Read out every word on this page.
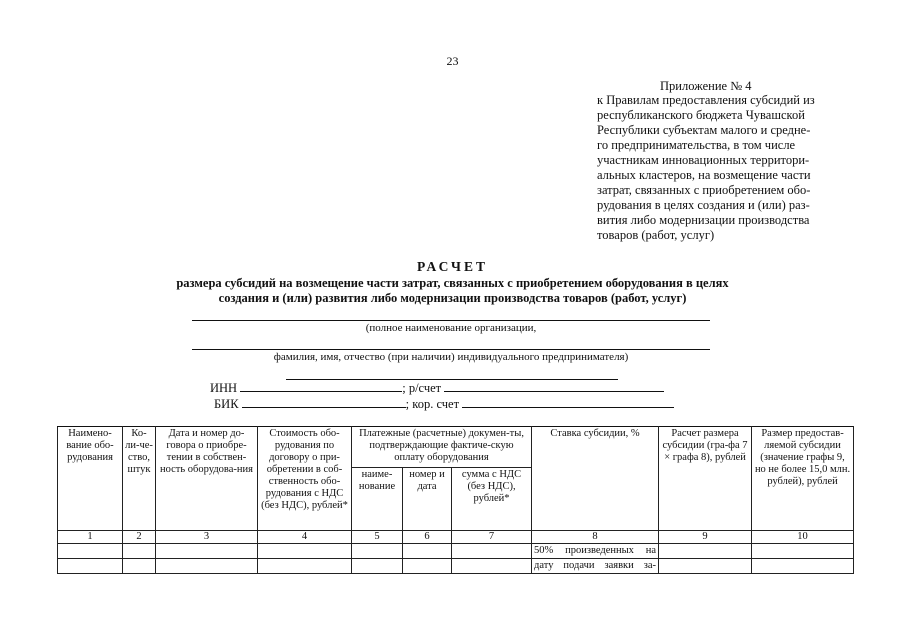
23
Приложение № 4
к Правилам предоставления субсидий из
республиканского бюджета Чувашской
Республики субъектам малого и средне-
го предпринимательства, в том числе
участникам инновационных территори-
альных кластеров, на возмещение части
затрат, связанных с приобретением обо-
рудования в целях создания и (или) раз-
вития либо модернизации производства
товаров (работ, услуг)
РАСЧЕТ
размера субсидий на возмещение части затрат, связанных с приобретением оборудования в целях
создания и (или) развития либо модернизации производства товаров (работ, услуг)
(полное наименование организации,
фамилия, имя, отчество (при наличии) индивидуального предпринимателя)
ИНН	; р/счет
БИК	; кор. счет
Наимено-вание обо-рудования	Ко-ли-че-ство, штук	Дата и номер до-говора о приобре-тении в собствен-ность оборудова-ния	Стоимость обо-рудования по договору о при-обретении в соб-ственность обо-рудования с НДС (без НДС), рублей*	Платежные (расчетные) докумен-ты, подтверждающие фактиче-скую оплату оборудования			Ставка субсидии, %	Расчет размера субсидии (гра-фа 7 × графа 8), рублей	Размер предостав-ляемой субсидии (значение графы 9, но не более 15,0 млн. рублей), рублей
				наиме-нование	номер и дата	сумма с НДС (без НДС), рублей*			
1	2	3	4	5	6	7	8	9	10
							50% произведенных на		
							дату подачи заявки за-		
